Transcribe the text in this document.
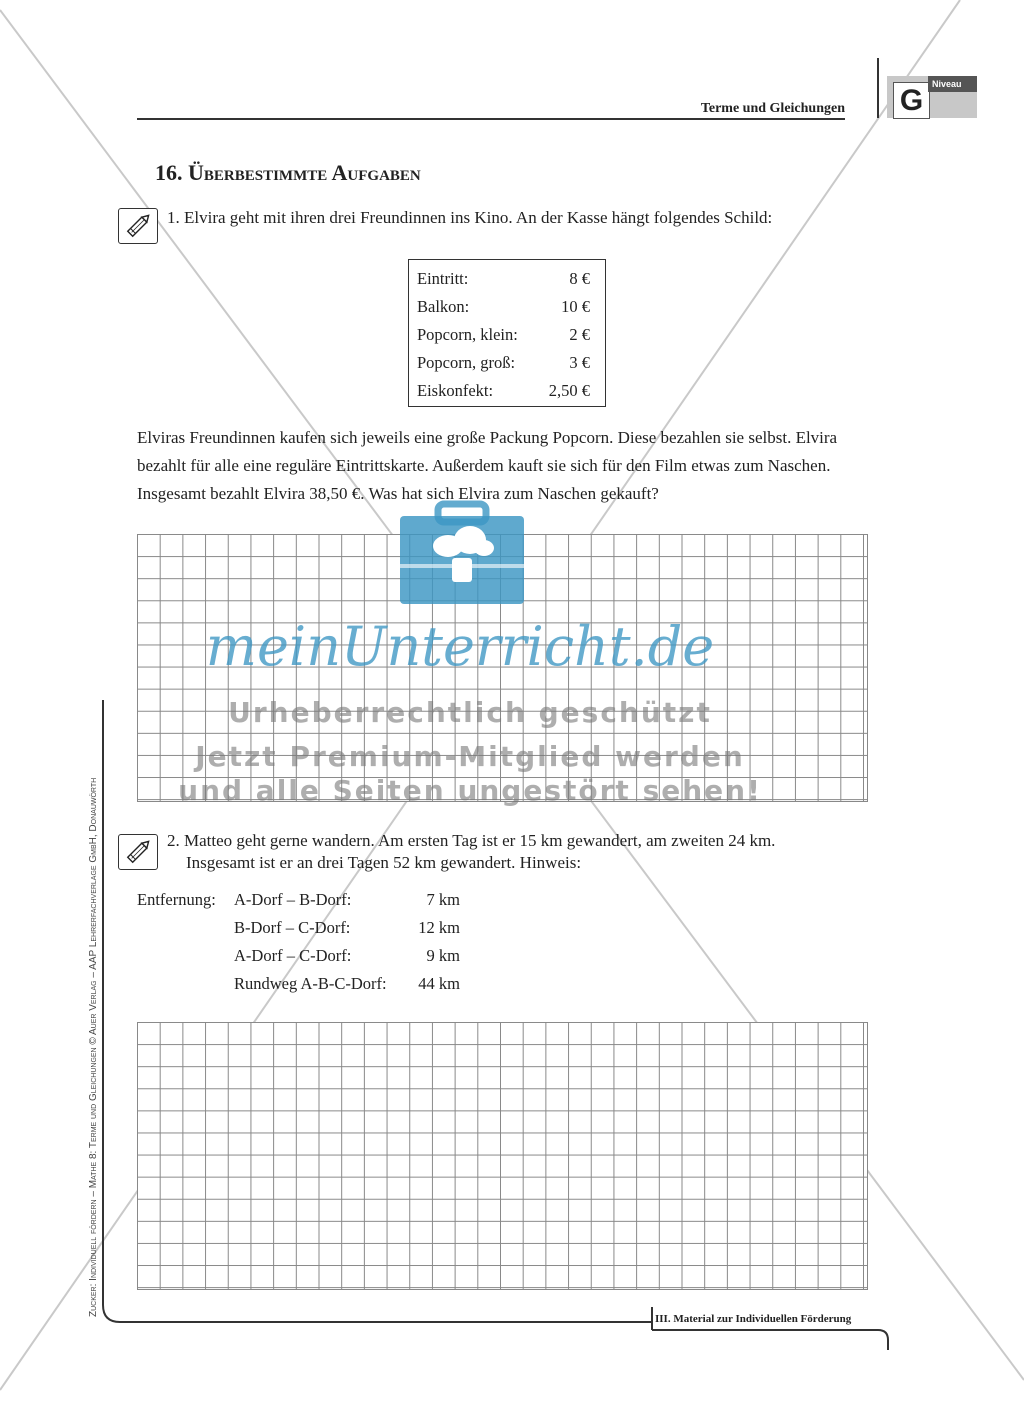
Terme und Gleichungen G Niveau
16. Überbestimmte Aufgaben
1. Elvira geht mit ihren drei Freundinnen ins Kino. An der Kasse hängt folgendes Schild:
Eintritt:	8 €
Balkon:	10 €
Popcorn, klein:	2 €
Popcorn, groß:	3 €
Eiskonfekt:	2,50 €
Elviras Freundinnen kaufen sich jeweils eine große Packung Popcorn. Diese bezahlen sie selbst. Elvira
bezahlt für alle eine reguläre Eintrittskarte. Außerdem kauft sie sich für den Film etwas zum Naschen.
Insgesamt bezahlt Elvira 38,50 €. Was hat sich Elvira zum Naschen gekauft?
meinUnterricht.de
Urheberrechtlich geschützt
Jetzt Premium-Mitglied werden
und alle Seiten ungestört sehen!
2. Matteo geht gerne wandern. Am ersten Tag ist er 15 km gewandert, am zweiten 24 km.
Insgesamt ist er an drei Tagen 52 km gewandert. Hinweis:
Entfernung:	A-Dorf – B-Dorf:	7 km
B-Dorf – C-Dorf:	12 km
A-Dorf – C-Dorf:	9 km
Rundweg A-B-C-Dorf:	44 km
Zucker: Individuell fördern – Mathe 8: Terme und Gleichungen © Auer Verlag – AAP Lehrerfachverlage GmbH, Donauwörth
III. Material zur Individuellen Förderung
